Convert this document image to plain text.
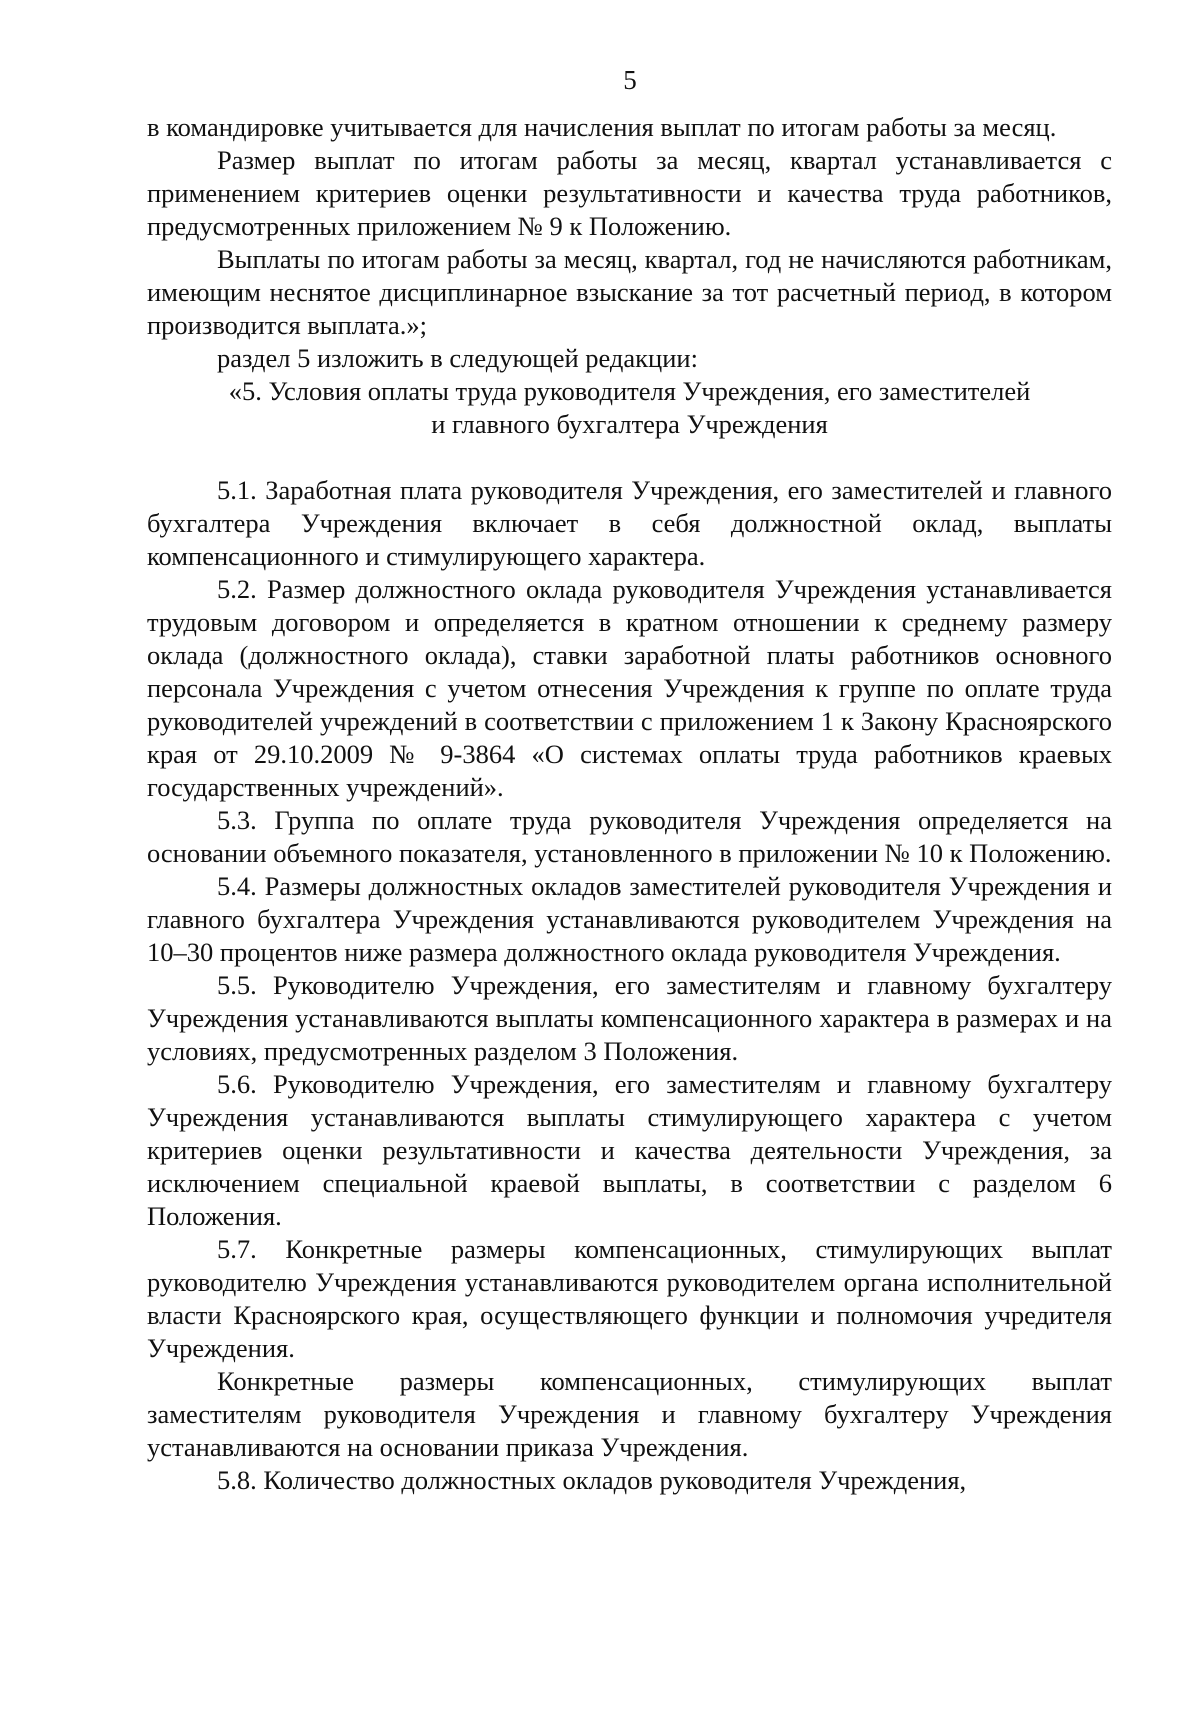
5

в командировке учитывается для начисления выплат по итогам работы за месяц.

Размер выплат по итогам работы за месяц, квартал устанавливается с применением критериев оценки результативности и качества труда работников, предусмотренных приложением № 9 к Положению.

Выплаты по итогам работы за месяц, квартал, год не начисляются работникам, имеющим неснятое дисциплинарное взыскание за тот расчетный период, в котором производится выплата.»;

раздел 5 изложить в следующей редакции:

«5. Условия оплаты труда руководителя Учреждения, его заместителей

и главного бухгалтера Учреждения

5.1. Заработная плата руководителя Учреждения, его заместителей и главного бухгалтера Учреждения включает в себя должностной оклад, выплаты компенсационного и стимулирующего характера.

5.2. Размер должностного оклада руководителя Учреждения устанавливается трудовым договором и определяется в кратном отношении к среднему размеру оклада (должностного оклада), ставки заработной платы работников основного персонала Учреждения с учетом отнесения Учреждения к группе по оплате труда руководителей учреждений в соответствии с приложением 1 к Закону Красноярского края от 29.10.2009 № 9-3864 «О системах оплаты труда работников краевых государственных учреждений».

5.3. Группа по оплате труда руководителя Учреждения определяется на основании объемного показателя, установленного в приложении № 10 к Положению.

5.4. Размеры должностных окладов заместителей руководителя Учреждения и главного бухгалтера Учреждения устанавливаются руководителем Учреждения на 10–30 процентов ниже размера должностного оклада руководителя Учреждения.

5.5. Руководителю Учреждения, его заместителям и главному бухгалтеру Учреждения устанавливаются выплаты компенсационного характера в размерах и на условиях, предусмотренных разделом 3 Положения.

5.6. Руководителю Учреждения, его заместителям и главному бухгалтеру Учреждения устанавливаются выплаты стимулирующего характера с учетом критериев оценки результативности и качества деятельности Учреждения, за исключением специальной краевой выплаты, в соответствии с разделом 6 Положения.

5.7. Конкретные размеры компенсационных, стимулирующих выплат руководителю Учреждения устанавливаются руководителем органа исполнительной власти Красноярского края, осуществляющего функции и полномочия учредителя Учреждения.

Конкретные размеры компенсационных, стимулирующих выплат заместителям руководителя Учреждения и главному бухгалтеру Учреждения устанавливаются на основании приказа Учреждения.

5.8. Количество должностных окладов руководителя Учреждения,
